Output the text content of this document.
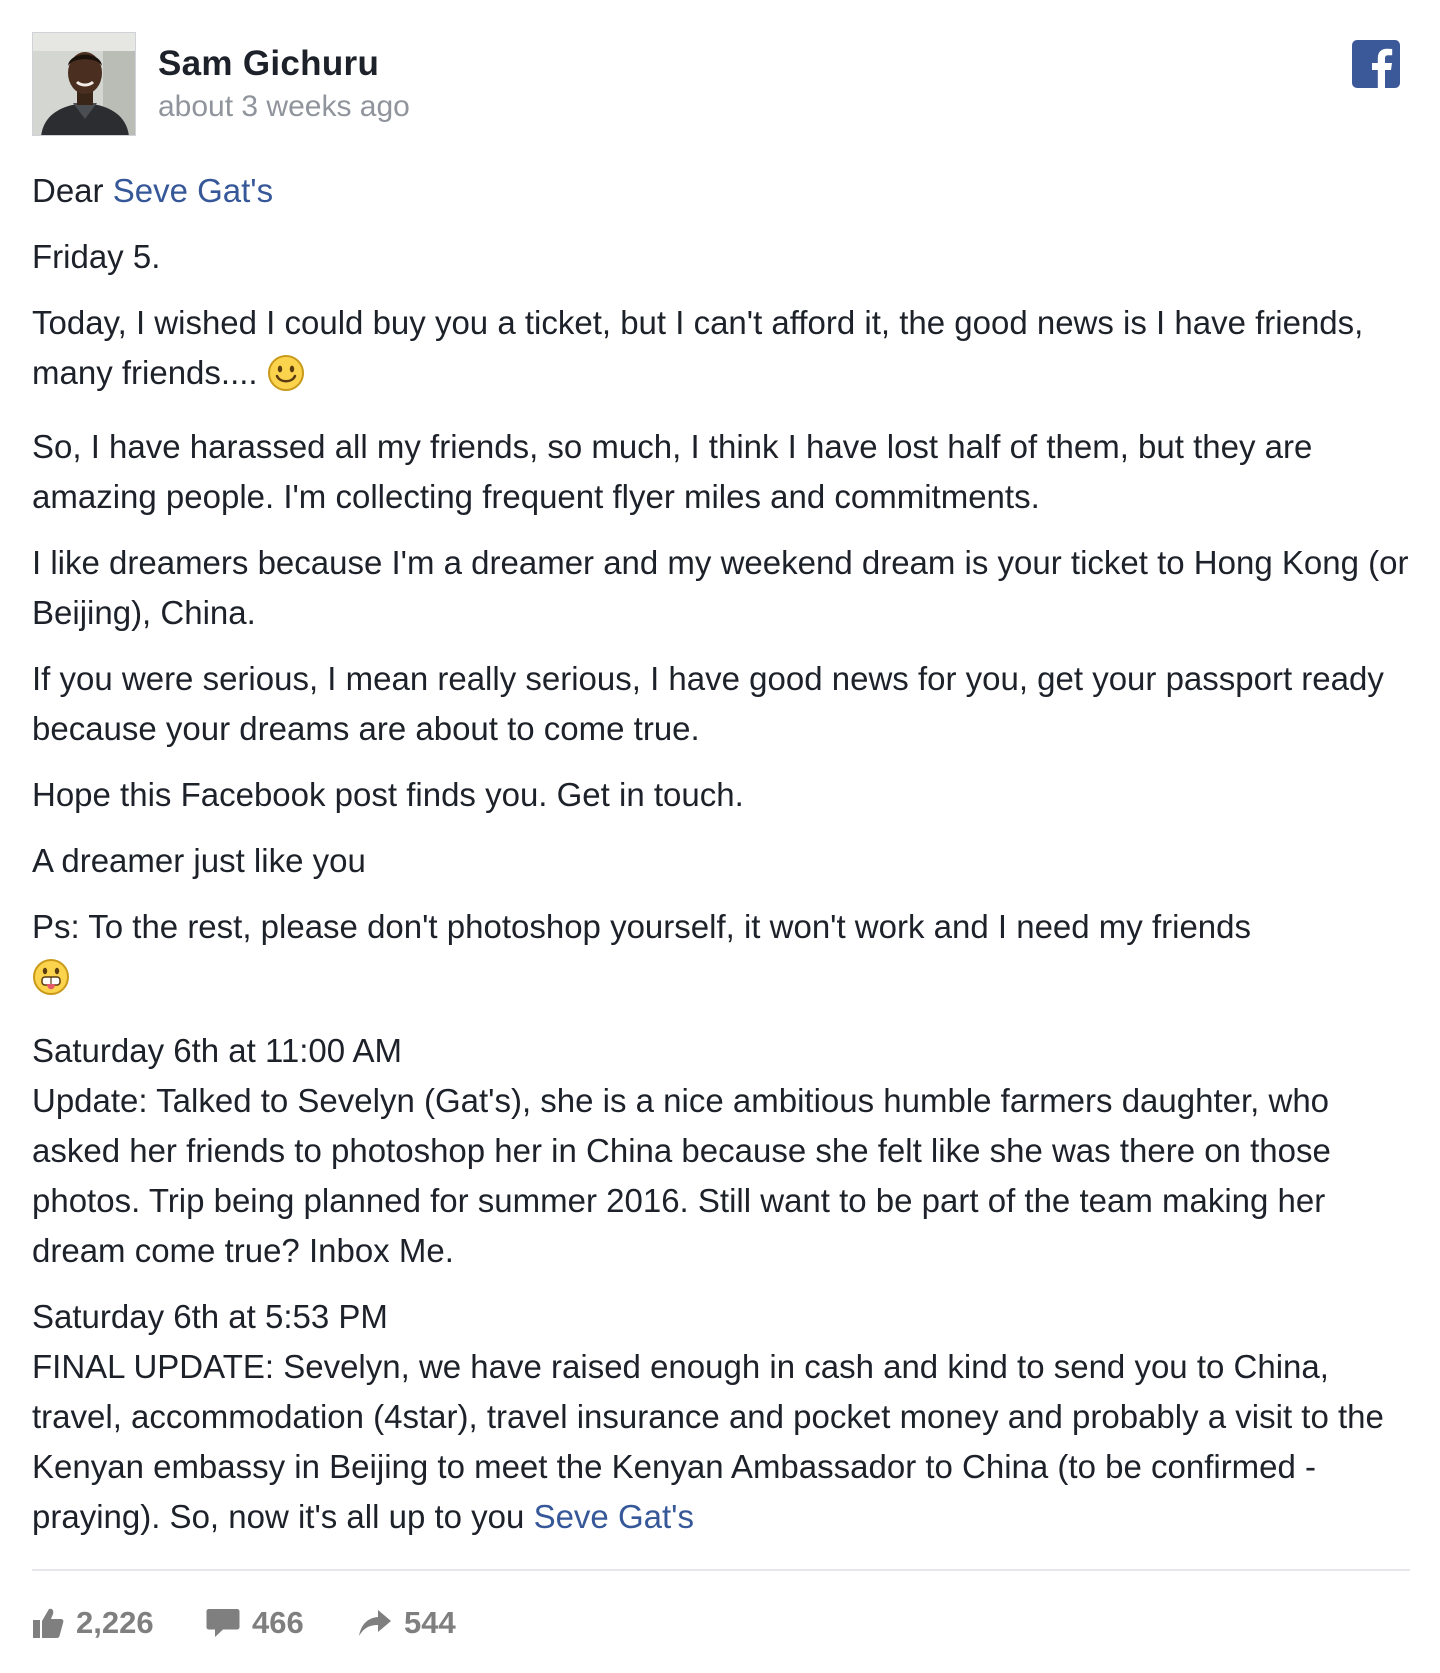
Sam Gichuru
about 3 weeks ago

Dear Seve Gat's

Friday 5.

Today, I wished I could buy you a ticket, but I can't afford it, the good news is I have friends, many friends....

So, I have harassed all my friends, so much, I think I have lost half of them, but they are amazing people. I'm collecting frequent flyer miles and commitments.

I like dreamers because I'm a dreamer and my weekend dream is your ticket to Hong Kong (or Beijing), China.

If you were serious, I mean really serious, I have good news for you, get your passport ready because your dreams are about to come true.

Hope this Facebook post finds you. Get in touch.

A dreamer just like you

Ps: To the rest, please don't photoshop yourself, it won't work and I need my friends

Saturday 6th at 11:00 AM
Update: Talked to Sevelyn (Gat's), she is a nice ambitious humble farmers daughter, who asked her friends to photoshop her in China because she felt like she was there on those photos. Trip being planned for summer 2016. Still want to be part of the team making her dream come true? Inbox Me.

Saturday 6th at 5:53 PM
FINAL UPDATE: Sevelyn, we have raised enough in cash and kind to send you to China, travel, accommodation (4star), travel insurance and pocket money and probably a visit to the Kenyan embassy in Beijing to meet the Kenyan Ambassador to China (to be confirmed -praying). So, now it's all up to you Seve Gat's

2,226	466	544
